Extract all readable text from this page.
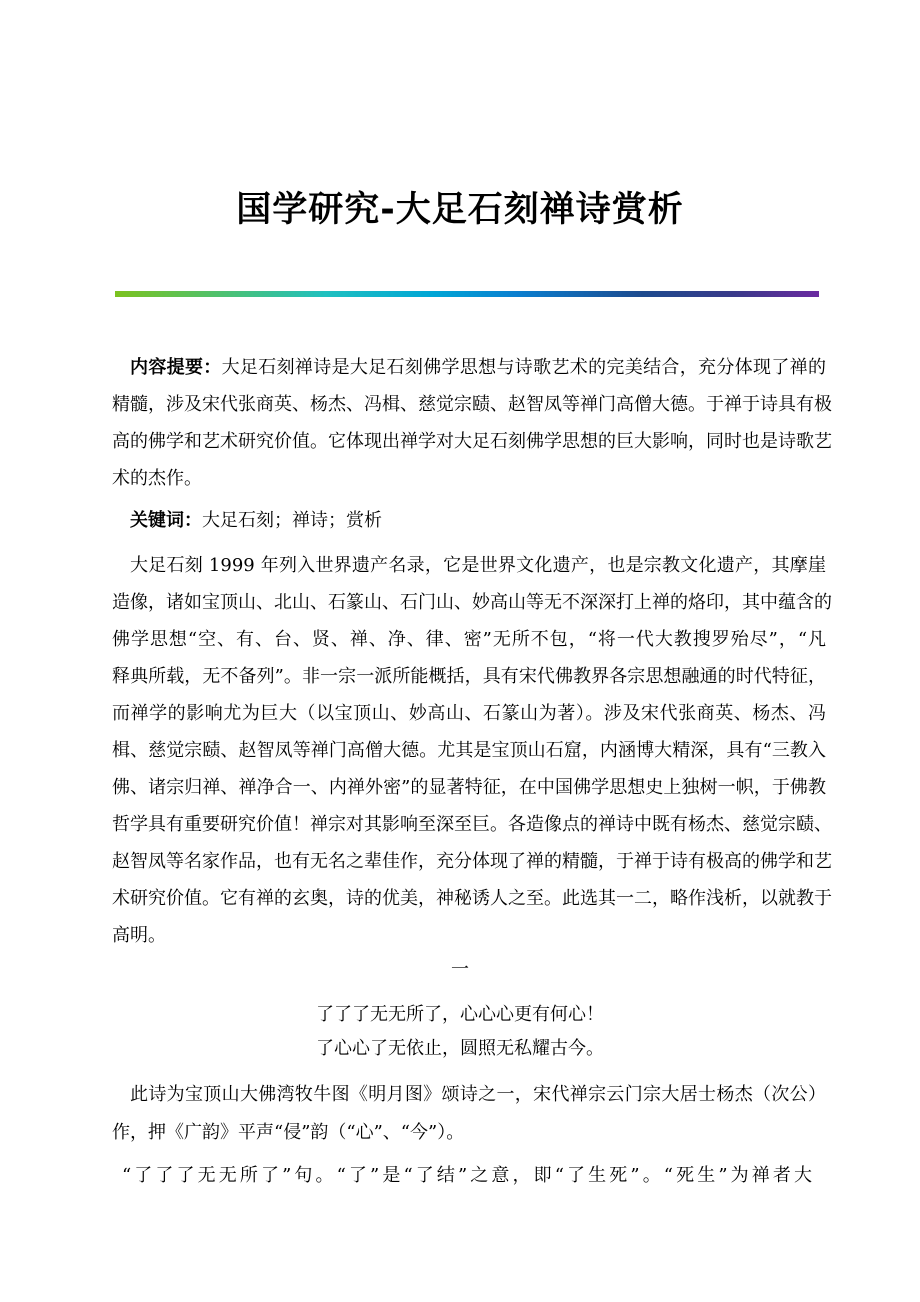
国学研究-大足石刻禅诗赏析
内容提要：大足石刻禅诗是大足石刻佛学思想与诗歌艺术的完美结合，充分体现了禅的
精髓，涉及宋代张商英、杨杰、冯楫、慈觉宗赜、赵智凤等禅门高僧大德。于禅于诗具有极
高的佛学和艺术研究价值。它体现出禅学对大足石刻佛学思想的巨大影响，同时也是诗歌艺
术的杰作。
关键词：大足石刻；禅诗；赏析
大足石刻 1999 年列入世界遗产名录，它是世界文化遗产，也是宗教文化遗产，其摩崖
造像，诸如宝顶山、北山、石篆山、石门山、妙高山等无不深深打上禅的烙印，其中蕴含的
佛学思想“空、有、台、贤、禅、净、律、密”无所不包，“将一代大教搜罗殆尽”，“凡
释典所载，无不备列”。非一宗一派所能概括，具有宋代佛教界各宗思想融通的时代特征，
而禅学的影响尤为巨大（以宝顶山、妙高山、石篆山为著）。涉及宋代张商英、杨杰、冯
楫、慈觉宗赜、赵智凤等禅门高僧大德。尤其是宝顶山石窟，内涵博大精深，具有“三教入
佛、诸宗归禅、禅净合一、内禅外密”的显著特征，在中国佛学思想史上独树一帜，于佛教
哲学具有重要研究价值！禅宗对其影响至深至巨。各造像点的禅诗中既有杨杰、慈觉宗赜、
赵智凤等名家作品，也有无名之辈佳作，充分体现了禅的精髓，于禅于诗有极高的佛学和艺
术研究价值。它有禅的玄奥，诗的优美，神秘诱人之至。此选其一二，略作浅析，以就教于
高明。
一
了了了无无所了，心心心更有何心！
了心心了无依止，圆照无私耀古今。
此诗为宝顶山大佛湾牧牛图《明月图》颂诗之一，宋代禅宗云门宗大居士杨杰（次公）
作，押《广韵》平声“侵”韵（“心”、“今”）。
“了了了无无所了”句。“了”是“了结”之意，即“了生死”。“死生”为禅者大
